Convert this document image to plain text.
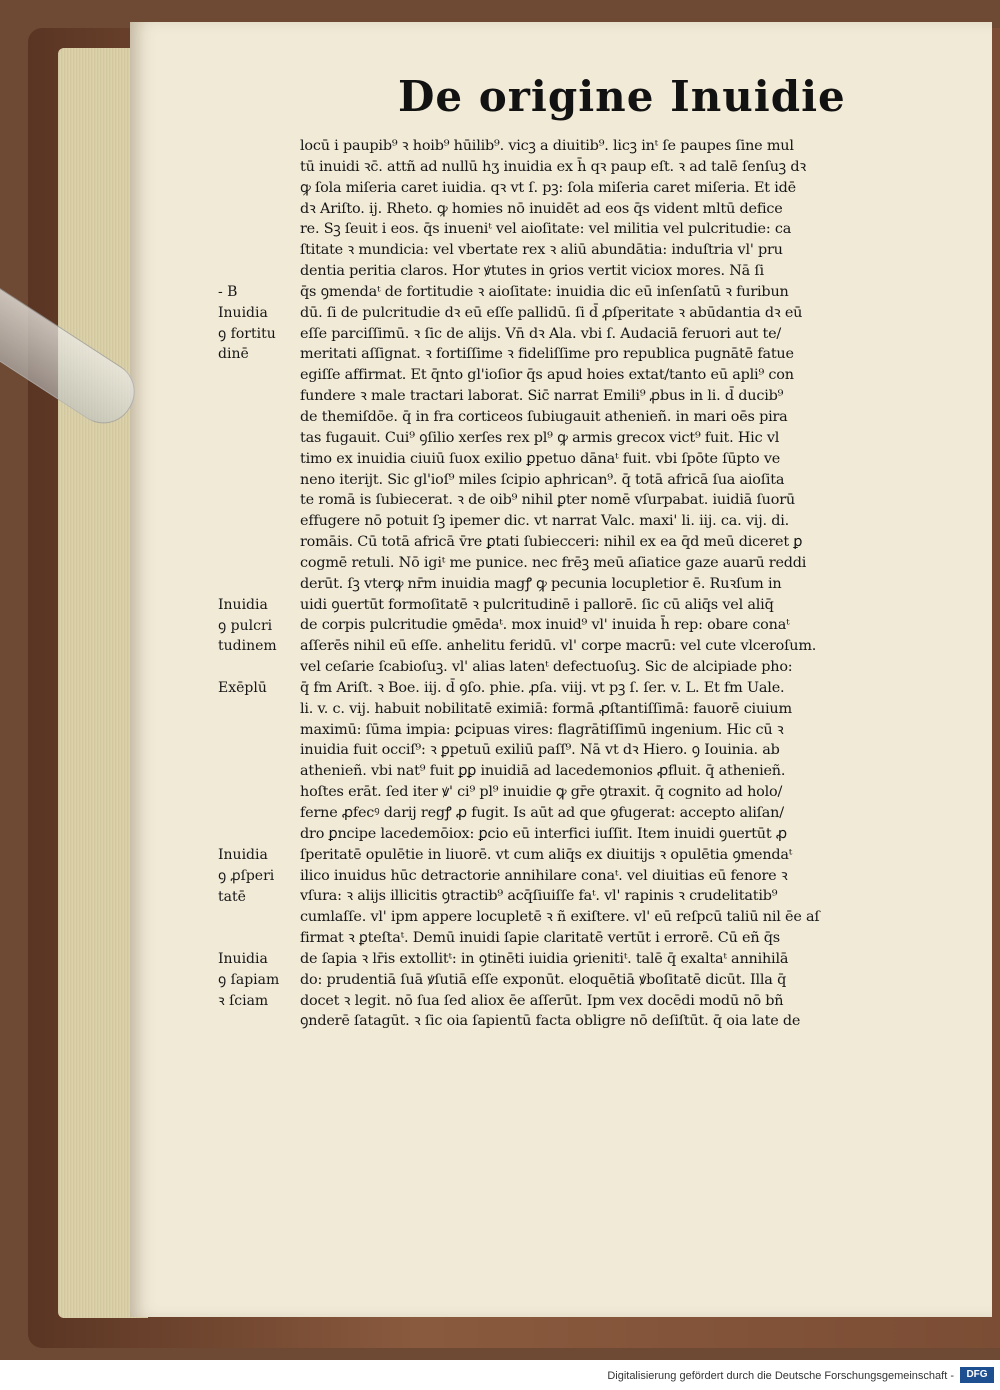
De origine Inuidie
locū i paupib⁹ ꝛ hoib⁹ hūilib⁹. vicꝫ a diuitib⁹. licꝫ inᵗ ſe paupes ſine mul
tū inuidi ꝛc̄. attñ ad nullū hʒ inuidia ex h̄ qꝛ paup eſt. ꝛ ad talē ſenſuꝫ dꝛ
ꝙ ſola miſeria caret iuidia. qꝛ vt ſ. pꝫ: ſola miſeria caret miſeria. Et idē
dꝛ Ariſto. ij. Rheto. ꝙ homies nō inuidēt ad eos q̄s vident mltū defice
re. Sꝫ ſeuit i eos. q̄s inueniᵗ vel aioſitate: vel militia vel pulcritudie: ca
ſtitate ꝛ mundicia: vel vbertate rex ꝛ aliū abundātia: induſtria vl' pru
dentia peritia claros. Hor ꝟtutes in ꝯrios vertit viciox mores. Nā ſi
q̄s ꝯmendaᵗ de fortitudie ꝛ aioſitate: inuidia dic eū inſenſatū ꝛ furibun
dū. ſi de pulcritudie dꝛ eū eſſe pallidū. ſi d̄ ꝓſperitate ꝛ abūdantia dꝛ eū
eſſe parciſſimū. ꝛ ſic de alijs. Vn̄ dꝛ Ala. vbi ſ. Audaciā feruori aut te/
meritati aſſignat. ꝛ fortiſſime ꝛ fideliſſime pro republica pugnātē fatue
egiſſe affirmat. Et q̄nto gl'ioſior q̄s apud hoies extat/tanto eū apli⁹ con
fundere ꝛ male tractari laborat. Sic̄ narrat Emili⁹ ꝓbus in li. d̄ ducib⁹
de themiſdōe. q̄ in fra corticeos ſubiugauit athenieñ. in mari oēs pira
tas fugauit. Cui⁹ ꝯſilio xerſes rex pl⁹ ꝙ armis grecox vict⁹ fuit. Hic vl
timo ex inuidia ciuiū ſuox exilio ꝑpetuo dānaᵗ fuit. vbi ſpōte ſūpto ve
neno iterijt. Sic gl'ioſ⁹ miles ſcipio aphrican⁹. q̄ totā africā ſua aioſita
te romā is ſubiecerat. ꝛ de oib⁹ nihil ꝑter nomē vſurpabat. iuidiā ſuorū
effugere nō potuit ſꝫ ipemer dic. vt narrat Valc. maxi' li. iij. ca. vij. di.
romāis. Cū totā africā v̄re ꝑtati ſubiecceri: nihil ex ea q̄d meū diceret ꝑ
cogmē retuli. Nō igiᵗ me punice. nec frēꝫ meū aſiatice gaze auarū reddi
derūt. ſꝫ vterꝙ nr̄m inuidia magꝭ ꝙ pecunia locupletior ē. Ruꝛſum in
uidi ꝯuertūt formoſitatē ꝛ pulcritudinē i pallorē. ſic cū aliq̄s vel aliq̄
de corpis pulcritudie ꝯmēdaᵗ. mox inuid⁹ vl' inuida h̄ rep: obare conaᵗ
aſſerēs nihil eū eſſe. anhelitu feridū. vl' corpe macrū: vel cute vlceroſum.
vel ceſarie ſcabioſuꝫ. vl' alias latenᵗ defectuoſuꝫ. Sic de alcipiade pho:
q̄ fm Ariſt. ꝛ Boe. iij. d̄ ꝯſo. phie. ꝓſa. viij. vt pꝫ ſ. ſer. v. L. Et fm Uale.
li. v. c. vij. habuit nobilitatē eximiā: formā ꝓſtantiſſimā: fauorē ciuium
maximū: ſūma impia: ꝑcipuas vires: flagrātiſſimū ingenium. Hic cū ꝛ
inuidia fuit occiſ⁹: ꝛ ꝑpetuū exiliū paſſ⁹. Nā vt dꝛ Hiero. ꝯ Iouinia. ab
athenieñ. vbi nat⁹ fuit ꝑꝑ inuidiā ad lacedemonios ꝓfluit. q̄ athenieñ.
hoſtes erāt. ſed iter ꝟ' ci⁹ pl⁹ inuidie ꝙ gr̄e ꝯtraxit. q̄ cognito ad holo/
ferne ꝓfecꝰ darij regꝭ ꝓ fugit. Is aūt ad que ꝯfugerat: accepto aliſan/
dro ꝑncipe lacedemōiox: ꝑcio eū interfici iuſſit. Item inuidi ꝯuertūt ꝓ
ſperitatē opulētie in liuorē. vt cum aliq̄s ex diuitijs ꝛ opulētia ꝯmendaᵗ
ilico inuidus hūc detractorie annihilare conaᵗ. vel diuitias eū fenore ꝛ
vſura: ꝛ alijs illicitis ꝯtractib⁹ acq̄ſiuiſſe faᵗ. vl' rapinis ꝛ crudelitatib⁹
cumlaſſe. vl' ipm appere locupletē ꝛ ñ exiſtere. vl' eū reſpcū taliū nil ēe aſ
firmat ꝛ ꝑteſtaᵗ. Demū inuidi ſapie claritatē vertūt i errorē. Cū eñ q̄s
de ſapia ꝛ lr̄is extollitᵗ: in ꝯtinēti iuidia ꝯrienitiᵗ. talē q̄ exaltaᵗ annihilā
do: prudentiā ſuā ꝟſutiā eſſe exponūt. eloquētiā ꝟboſitatē dicūt. Illa q̄
docet ꝛ legit. nō ſua ſed aliox ēe aſſerūt. Ipm vex docēdi modū nō bñ
ꝯnderē ſatagūt. ꝛ ſic oia ſapientū facta obligre nō deſiſtūt. q̄ oia late de
- B
Inuidia
ꝯ fortitu
dinē
Inuidia
ꝯ pulcri
tudinem
Exēplū
Inuidia
ꝯ ꝓſperi
tatē
Inuidia
ꝯ ſapiam
ꝛ ſciam
Digitalisierung gefördert durch die Deutsche Forschungsgemeinschaft -	DFG
